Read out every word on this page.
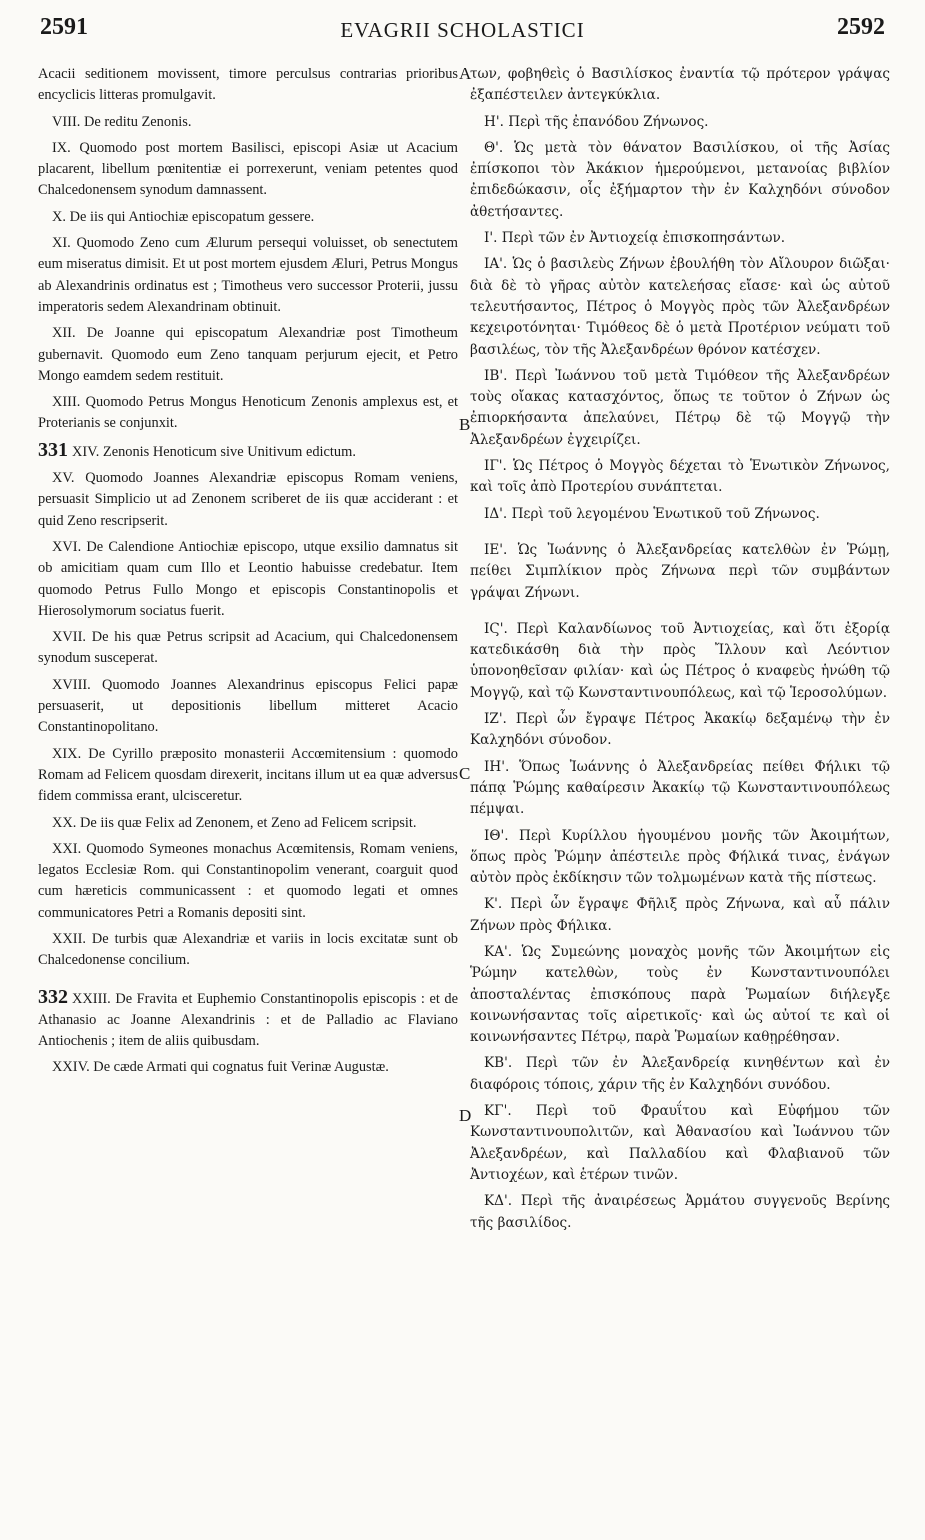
2591	EVAGRII SCHOLASTICI	2592
A
B
C
D

Acacii seditionem movissent, timore perculsus contrarias prioribus encyclicis litteras promulgavit.

VIII. De reditu Zenonis.

IX. Quomodo post mortem Basilisci, episcopi Asiæ ut Acacium placarent, libellum pœnitentiæ ei porrexerunt, veniam petentes quod Chalcedonensem synodum damnassent.

X. De iis qui Antiochiæ episcopatum gessere.

XI. Quomodo Zeno cum Ælurum persequi voluisset, ob senectutem eum miseratus dimisit. Et ut post mortem ejusdem Æluri, Petrus Mongus ab Alexandrinis ordinatus est ; Timotheus vero successor Proterii, jussu imperatoris sedem Alexandrinam obtinuit.

XII. De Joanne qui episcopatum Alexandriæ post Timotheum gubernavit. Quomodo eum Zeno tanquam perjurum ejecit, et Petro Mongo eamdem sedem restituit.

XIII. Quomodo Petrus Mongus Henoticum Zenonis amplexus est, et Proterianis se conjunxit.

331 XIV. Zenonis Henoticum sive Unitivum edictum.

XV. Quomodo Joannes Alexandriæ episcopus Romam veniens, persuasit Simplicio ut ad Zenonem scriberet de iis quæ acciderant : et quid Zeno rescripserit.

XVI. De Calendione Antiochiæ episcopo, utque exsilio damnatus sit ob amicitiam quam cum Illo et Leontio habuisse credebatur. Item quomodo Petrus Fullo Mongo et episcopis Constantinopolis et Hierosolymorum sociatus fuerit.

XVII. De his quæ Petrus scripsit ad Acacium, qui Chalcedonensem synodum susceperat.

XVIII. Quomodo Joannes Alexandrinus episcopus Felici papæ persuaserit, ut depositionis libellum mitteret Acacio Constantinopolitano.

XIX. De Cyrillo præposito monasterii Accœmitensium : quomodo Romam ad Felicem quosdam direxerit, incitans illum ut ea quæ adversus fidem commissa erant, ulcisceretur.

XX. De iis quæ Felix ad Zenonem, et Zeno ad Felicem scripsit.

XXI. Quomodo Symeones monachus Acœmitensis, Romam veniens, legatos Ecclesiæ Rom. qui Constantinopolim venerant, coarguit quod cum hæreticis communicassent : et quomodo legati et omnes communicatores Petri a Romanis depositi sint.

XXII. De turbis quæ Alexandriæ et variis in locis excitatæ sunt ob Chalcedonense concilium.

332 XXIII. De Fravita et Euphemio Constantinopolis episcopis : et de Athanasio ac Joanne Alexandrinis : et de Palladio ac Flaviano Antiochenis ; item de aliis quibusdam.

XXIV. De cæde Armati qui cognatus fuit Verinæ Augustæ.

των, φοβηθεὶς ὁ Βασιλίσκος ἐναντία τῷ πρότερον γράψας ἐξαπέστειλεν ἀντεγκύκλια.

Η'. Περὶ τῆς ἐπανόδου Ζήνωνος.

Θ'. Ὡς μετὰ τὸν θάνατον Βασιλίσκου, οἱ τῆς Ἀσίας ἐπίσκοποι τὸν Ἀκάκιον ἡμερούμενοι, μετανοίας βιβλίον ἐπιδεδώκασιν, οἷς ἐξήμαρτον τὴν ἐν Καλχηδόνι σύνοδον ἀθετήσαντες.

Ι'. Περὶ τῶν ἐν Ἀντιοχείᾳ ἐπισκοπησάντων.

ΙΑ'. Ὡς ὁ βασιλεὺς Ζήνων ἐβουλήθη τὸν Αἴλουρον διῶξαι· διὰ δὲ τὸ γῆρας αὐτὸν κατελεήσας εἴασε· καὶ ὡς αὐτοῦ τελευτήσαντος, Πέτρος ὁ Μογγὸς πρὸς τῶν Ἀλεξανδρέων κεχειροτόνηται· Τιμόθεος δὲ ὁ μετὰ Προτέριον νεύματι τοῦ βασιλέως, τὸν τῆς Ἀλεξανδρέων θρόνον κατέσχεν.

ΙΒ'. Περὶ Ἰωάννου τοῦ μετὰ Τιμόθεον τῆς Ἀλεξανδρέων τοὺς οἴακας κατασχόντος, ὅπως τε τοῦτον ὁ Ζήνων ὡς ἐπιορκήσαντα ἀπελαύνει, Πέτρῳ δὲ τῷ Μογγῷ τὴν Ἀλεξανδρέων ἐγχειρίζει.

ΙΓ'. Ὡς Πέτρος ὁ Μογγὸς δέχεται τὸ Ἑνωτικὸν Ζήνωνος, καὶ τοῖς ἀπὸ Προτερίου συνάπτεται.

ΙΔ'. Περὶ τοῦ λεγομένου Ἑνωτικοῦ τοῦ Ζήνωνος.

ΙΕ'. Ὡς Ἰωάννης ὁ Ἀλεξανδρείας κατελθὼν ἐν Ῥώμῃ, πείθει Σιμπλίκιον πρὸς Ζήνωνα περὶ τῶν συμβάντων γράψαι Ζήνωνι.

ΙϚ'. Περὶ Καλανδίωνος τοῦ Ἀντιοχείας, καὶ ὅτι ἐξορίᾳ κατεδικάσθη διὰ τὴν πρὸς Ἴλλουν καὶ Λεόντιον ὑπονοηθεῖσαν φιλίαν· καὶ ὡς Πέτρος ὁ κναφεὺς ἡνώθη τῷ Μογγῷ, καὶ τῷ Κωνσταντινουπόλεως, καὶ τῷ Ἱεροσολύμων.

ΙΖ'. Περὶ ὧν ἔγραψε Πέτρος Ἀκακίῳ δεξαμένῳ τὴν ἐν Καλχηδόνι σύνοδον.

ΙΗ'. Ὅπως Ἰωάννης ὁ Ἀλεξανδρείας πείθει Φήλικι τῷ πάπᾳ Ῥώμης καθαίρεσιν Ἀκακίῳ τῷ Κωνσταντινουπόλεως πέμψαι.

ΙΘ'. Περὶ Κυρίλλου ἡγουμένου μονῆς τῶν Ἀκοιμήτων, ὅπως πρὸς Ῥώμην ἀπέστειλε πρὸς Φήλικά τινας, ἐνάγων αὐτὸν πρὸς ἐκδίκησιν τῶν τολμωμένων κατὰ τῆς πίστεως.

Κ'. Περὶ ὧν ἔγραψε Φῆλιξ πρὸς Ζήνωνα, καὶ αὖ πάλιν Ζήνων πρὸς Φήλικα.

ΚΑ'. Ὡς Συμεώνης μοναχὸς μονῆς τῶν Ἀκοιμήτων εἰς Ῥώμην κατελθὼν, τοὺς ἐν Κωνσταντινουπόλει ἀποσταλέντας ἐπισκόπους παρὰ Ῥωμαίων διήλεγξε κοινωνήσαντας τοῖς αἱρετικοῖς· καὶ ὡς αὐτοί τε καὶ οἱ κοινωνήσαντες Πέτρῳ, παρὰ Ῥωμαίων καθῃρέθησαν.

ΚΒ'. Περὶ τῶν ἐν Ἀλεξανδρείᾳ κινηθέντων καὶ ἐν διαφόροις τόποις, χάριν τῆς ἐν Καλχηδόνι συνόδου.

ΚΓ'. Περὶ τοῦ Φραυΐτου καὶ Εὐφήμου τῶν Κωνσταντινουπολιτῶν, καὶ Ἀθανασίου καὶ Ἰωάννου τῶν Ἀλεξανδρέων, καὶ Παλλαδίου καὶ Φλαβιανοῦ τῶν Ἀντιοχέων, καὶ ἑτέρων τινῶν.

ΚΔ'. Περὶ τῆς ἀναιρέσεως Ἀρμάτου συγγενοῦς Βερίνης τῆς βασιλίδος.
